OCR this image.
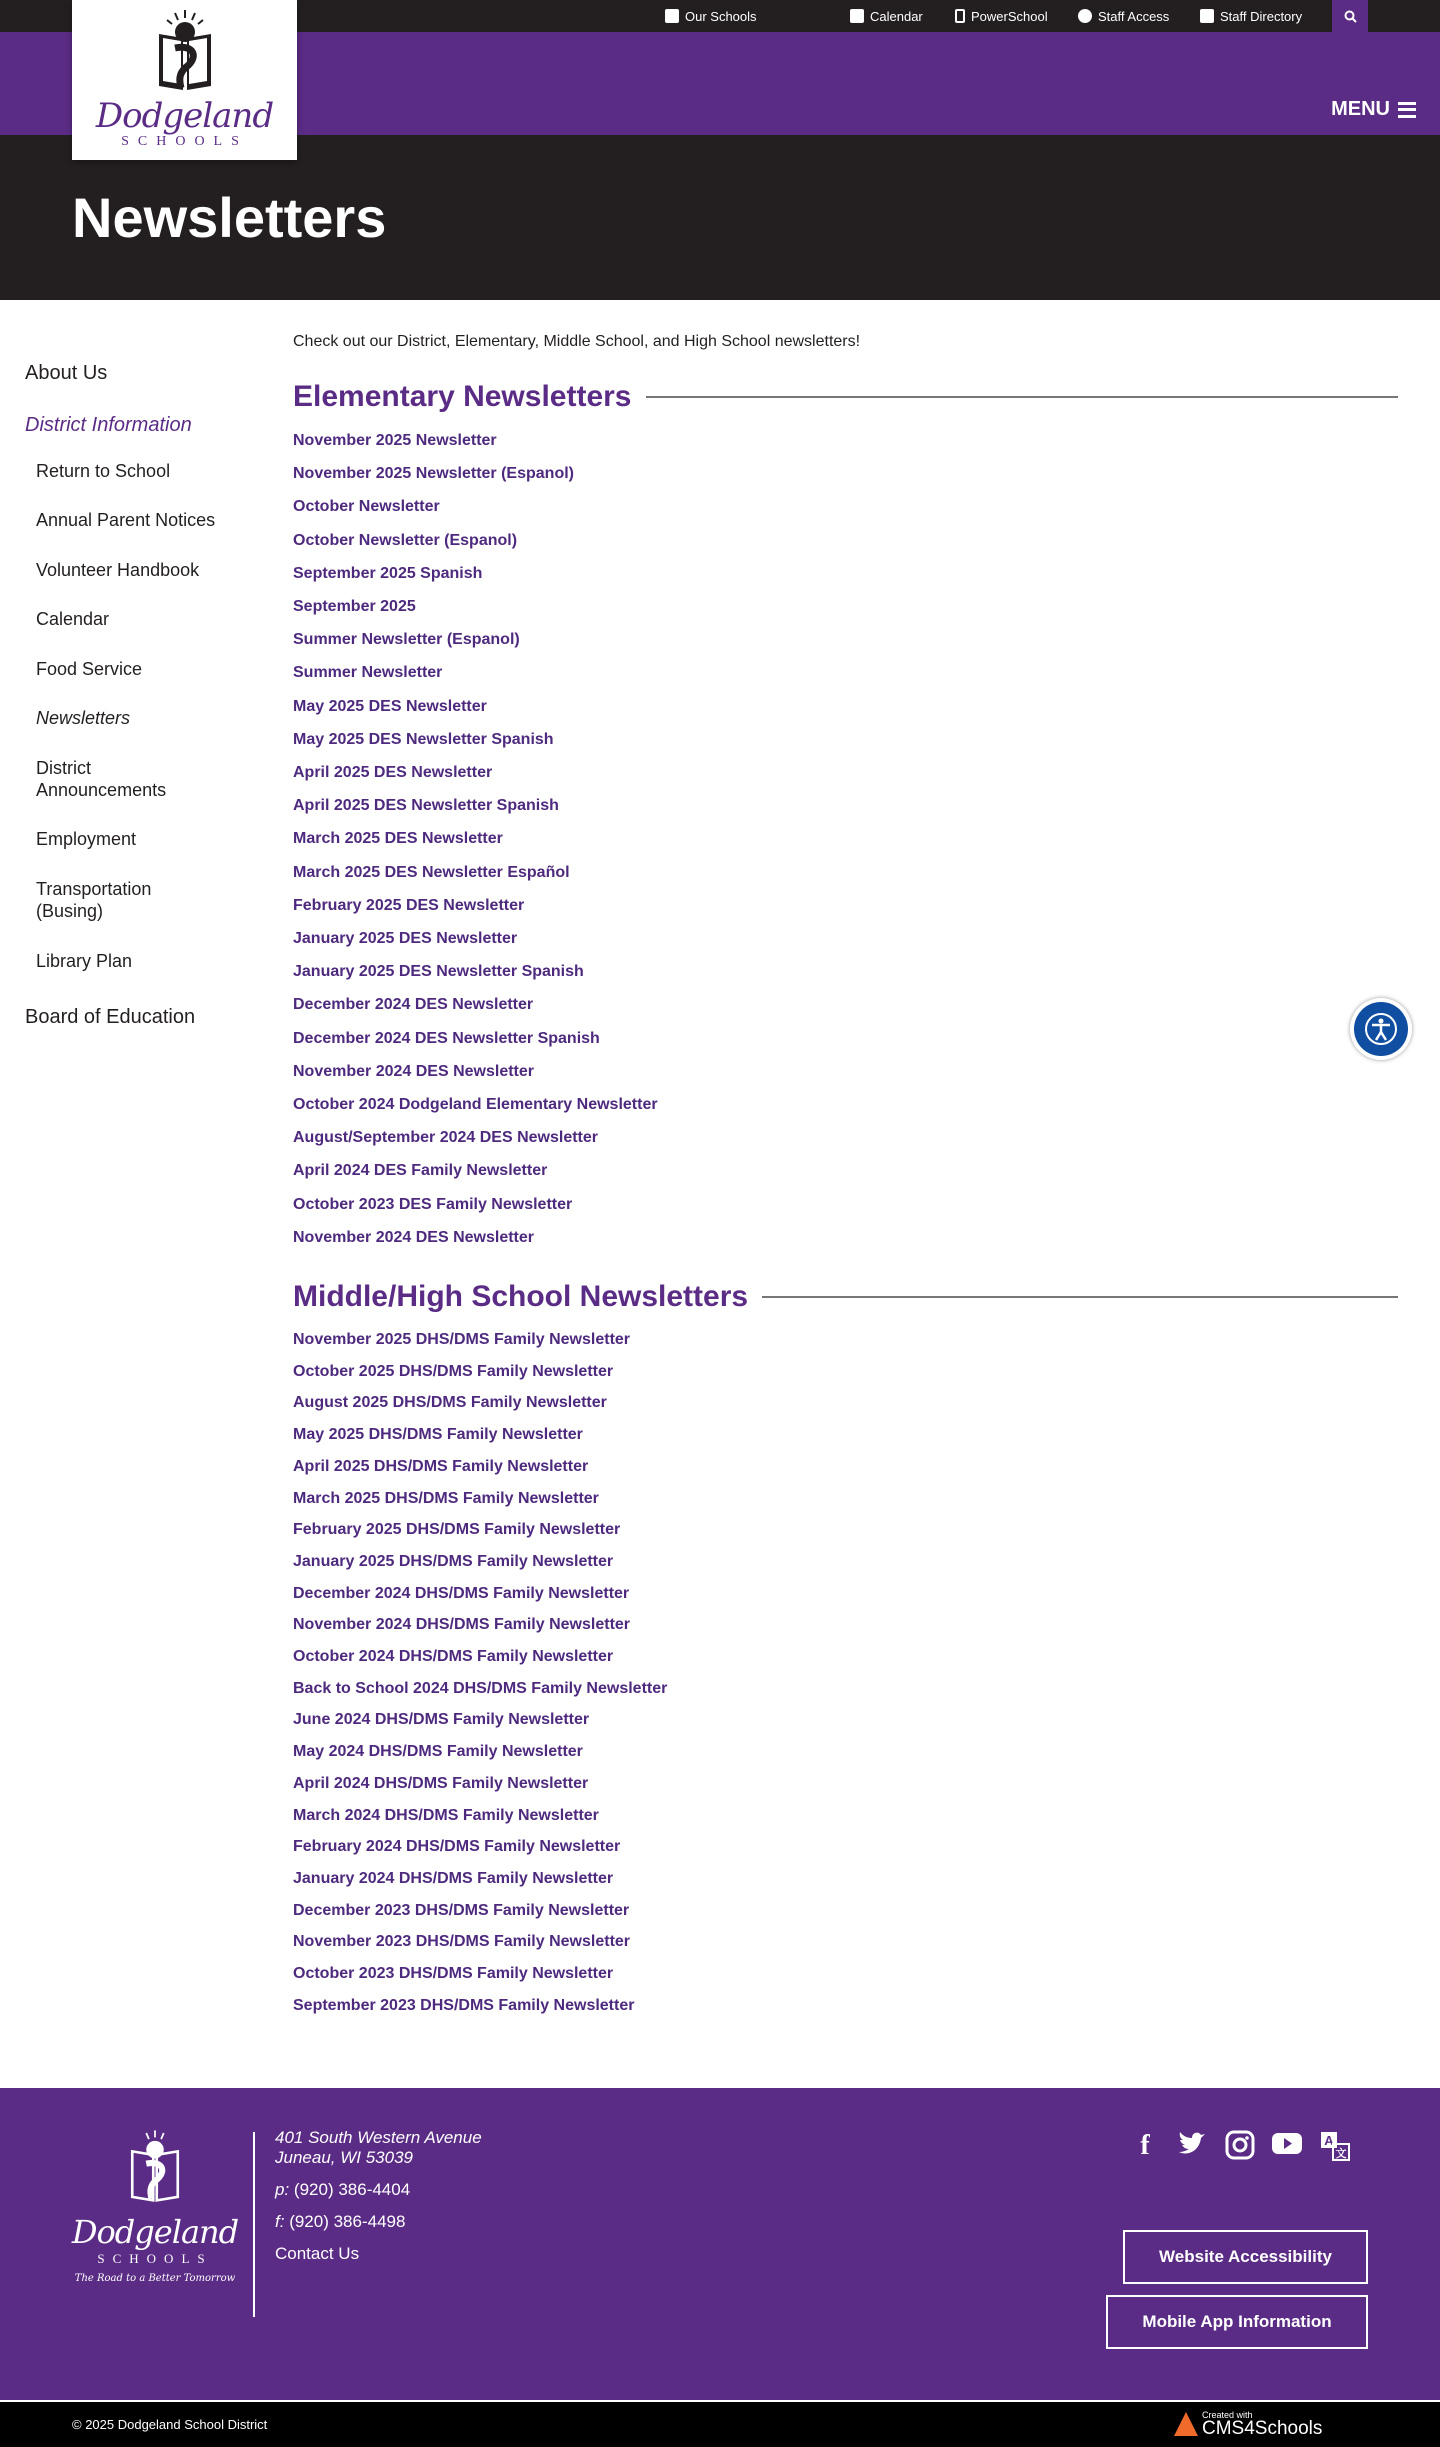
Our Schools	Calendar	PowerSchool	Staff Access	Staff Directory
MENU
Dodgeland
SCHOOLS
Newsletters
About Us
District Information
Return to School
Annual Parent Notices
Volunteer Handbook
Calendar
Food Service
Newsletters
District Announcements
Employment
Transportation (Busing)
Library Plan
Board of Education

Check out our District, Elementary, Middle School, and High School newsletters!

Elementary Newsletters
November 2025 Newsletter
November 2025 Newsletter (Espanol)
October Newsletter
October Newsletter (Espanol)
September 2025 Spanish
September 2025
Summer Newsletter (Espanol)
Summer Newsletter
May 2025 DES Newsletter
May 2025 DES Newsletter Spanish
April 2025 DES Newsletter
April 2025 DES Newsletter Spanish
March 2025 DES Newsletter
March 2025 DES Newsletter Español
February 2025 DES Newsletter
January 2025 DES Newsletter
January 2025 DES Newsletter Spanish
December 2024 DES Newsletter
December 2024 DES Newsletter Spanish
November 2024 DES Newsletter
October 2024 Dodgeland Elementary Newsletter
August/September 2024 DES Newsletter
April 2024 DES Family Newsletter
October 2023 DES Family Newsletter
November 2024 DES Newsletter
Middle/High School Newsletters
November 2025 DHS/DMS Family Newsletter
October 2025 DHS/DMS Family Newsletter
August 2025 DHS/DMS Family Newsletter
May 2025 DHS/DMS Family Newsletter
April 2025 DHS/DMS Family Newsletter
March 2025 DHS/DMS Family Newsletter
February 2025 DHS/DMS Family Newsletter
January 2025 DHS/DMS Family Newsletter
December 2024 DHS/DMS Family Newsletter
November 2024 DHS/DMS Family Newsletter
October 2024 DHS/DMS Family Newsletter
Back to School 2024 DHS/DMS Family Newsletter
June 2024 DHS/DMS Family Newsletter
May 2024 DHS/DMS Family Newsletter
April 2024 DHS/DMS Family Newsletter
March 2024 DHS/DMS Family Newsletter
February 2024 DHS/DMS Family Newsletter
January 2024 DHS/DMS Family Newsletter
December 2023 DHS/DMS Family Newsletter
November 2023 DHS/DMS Family Newsletter
October 2023 DHS/DMS Family Newsletter
September 2023 DHS/DMS Family Newsletter
Dodgeland
SCHOOLS
The Road to a Better Tomorrow
401 South Western Avenue
Juneau, WI 53039
p: (920) 386-4404
f: (920) 386-4498
Contact Us
f	A
文
Website Accessibility
Mobile App Information
© 2025 Dodgeland School District
Created with
CMS4Schools
